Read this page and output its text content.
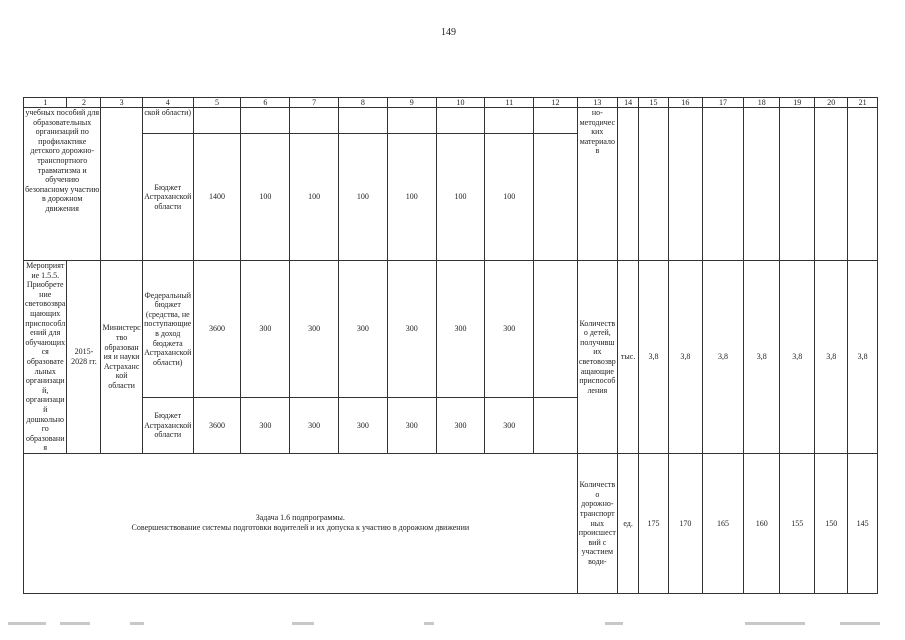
149
1	2	3	4	5	6	7	8	9	10	11	12	13	14	15	16	17	18	19	20	21
учебных пособий для образовательных организаций по профилактике детского дорожно-транспортного травматизма и обучению безопасному участию в дорожном движения			ской области)									но-методических материалов								
			Бюджет Астраханской области	1400	100	100	100	100	100	100										
Мероприятие 1.5.5. Приобретение световозвращающих приспособлений для обучающихся образовательных организаций, организаций дошкольного образования	2015-2028 гг.	Министерство образования и науки Астраханской области	Федеральный бюджет (средства, не поступающие в доход бюджета Астраханской области)	3600	300	300	300	300	300	300		Количество детей, получивших световозвращающие приспособления	тыс.	3,8	3,8	3,8	3,8	3,8	3,8	3,8
			Бюджет Астраханской области	3600	300	300	300	300	300	300										

Задача 1.6 подпрограммы.
Совершенствование системы подготовки водителей и их допуска к участию в дорожном движении												Количество дорожно-транспортных происшествий с участием води-	ед.	175	170	165	160	155	150	145
